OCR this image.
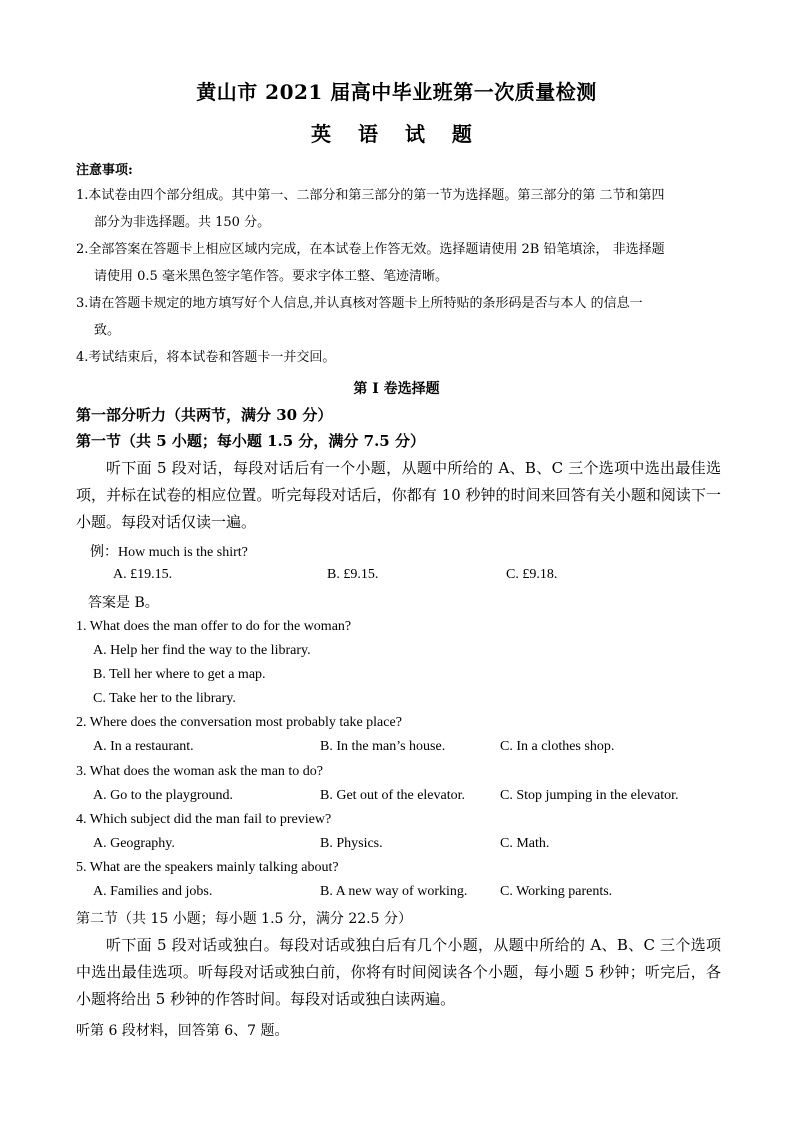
黄山市 2021 届高中毕业班第一次质量检测
英 语 试 题
注意事项:
1.本试卷由四个部分组成。其中第一、二部分和第三部分的第一节为选择题。第三部分的第 二节和第四
部分为非选择题。共 150 分。
2.全部答案在答题卡上相应区域内完成，在本试卷上作答无效。选择题请使用 2B 铅笔填涂， 非选择题
请使用 0.5 毫米黑色签字笔作答。要求字体工整、笔迹清晰。
3.请在答题卡规定的地方填写好个人信息,并认真核对答题卡上所特贴的条形码是否与本人 的信息一
致。
4.考试结束后，将本试卷和答题卡一并交回。
第 I 卷选择题
第一部分听力（共两节，满分 30 分）
第一节（共 5 小题；每小题 1.5 分，满分 7.5 分）
听下面 5 段对话，每段对话后有一个小题，从题中所给的 A、B、C 三个选项中选出最佳选项，并标在试卷的相应位置。听完每段对话后，你都有 10 秒钟的时间来回答有关小题和阅读下一小题。每段对话仅读一遍。
例：How much is the shirt?
A. £19.15.	B. £9.15.	C. £9.18.
答案是 B。
1. What does the man offer to do for the woman?
A. Help her find the way to the library.
B. Tell her where to get a map.
C. Take her to the library.
2. Where does the conversation most probably take place?
A. In a restaurant.	B. In the man’s house.	C. In a clothes shop.
3. What does the woman ask the man to do?
A. Go to the playground.	B. Get out of the elevator. C. Stop jumping in the elevator.
4. Which subject did the man fail to preview?
A. Geography.	B. Physics.	C. Math.
5. What are the speakers mainly talking about?
A. Families and jobs.	B. A new way of working. C. Working parents.
第二节（共 15 小题；每小题 1.5 分，满分 22.5 分）
听下面 5 段对话或独白。每段对话或独白后有几个小题，从题中所给的 A、B、C 三个选项 中选出最佳选项。听每段对话或独白前，你将有时间阅读各个小题，每小题 5 秒钟；听完后，各小题将给出 5 秒钟的作答时间。每段对话或独白读两遍。
听第 6 段材料，回答第 6、7 题。
